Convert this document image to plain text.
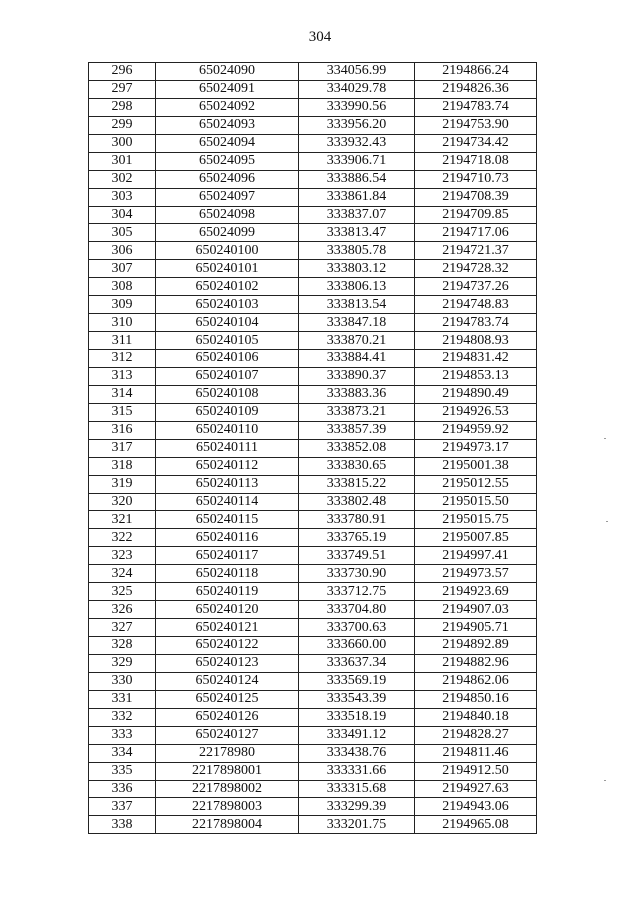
304
296	65024090	334056.99	2194866.24
297	65024091	334029.78	2194826.36
298	65024092	333990.56	2194783.74
299	65024093	333956.20	2194753.90
300	65024094	333932.43	2194734.42
301	65024095	333906.71	2194718.08
302	65024096	333886.54	2194710.73
303	65024097	333861.84	2194708.39
304	65024098	333837.07	2194709.85
305	65024099	333813.47	2194717.06
306	650240100	333805.78	2194721.37
307	650240101	333803.12	2194728.32
308	650240102	333806.13	2194737.26
309	650240103	333813.54	2194748.83
310	650240104	333847.18	2194783.74
311	650240105	333870.21	2194808.93
312	650240106	333884.41	2194831.42
313	650240107	333890.37	2194853.13
314	650240108	333883.36	2194890.49
315	650240109	333873.21	2194926.53
316	650240110	333857.39	2194959.92
317	650240111	333852.08	2194973.17
318	650240112	333830.65	2195001.38
319	650240113	333815.22	2195012.55
320	650240114	333802.48	2195015.50
321	650240115	333780.91	2195015.75
322	650240116	333765.19	2195007.85
323	650240117	333749.51	2194997.41
324	650240118	333730.90	2194973.57
325	650240119	333712.75	2194923.69
326	650240120	333704.80	2194907.03
327	650240121	333700.63	2194905.71
328	650240122	333660.00	2194892.89
329	650240123	333637.34	2194882.96
330	650240124	333569.19	2194862.06
331	650240125	333543.39	2194850.16
332	650240126	333518.19	2194840.18
333	650240127	333491.12	2194828.27
334	22178980	333438.76	2194811.46
335	2217898001	333331.66	2194912.50
336	2217898002	333315.68	2194927.63
337	2217898003	333299.39	2194943.06
338	2217898004	333201.75	2194965.08
